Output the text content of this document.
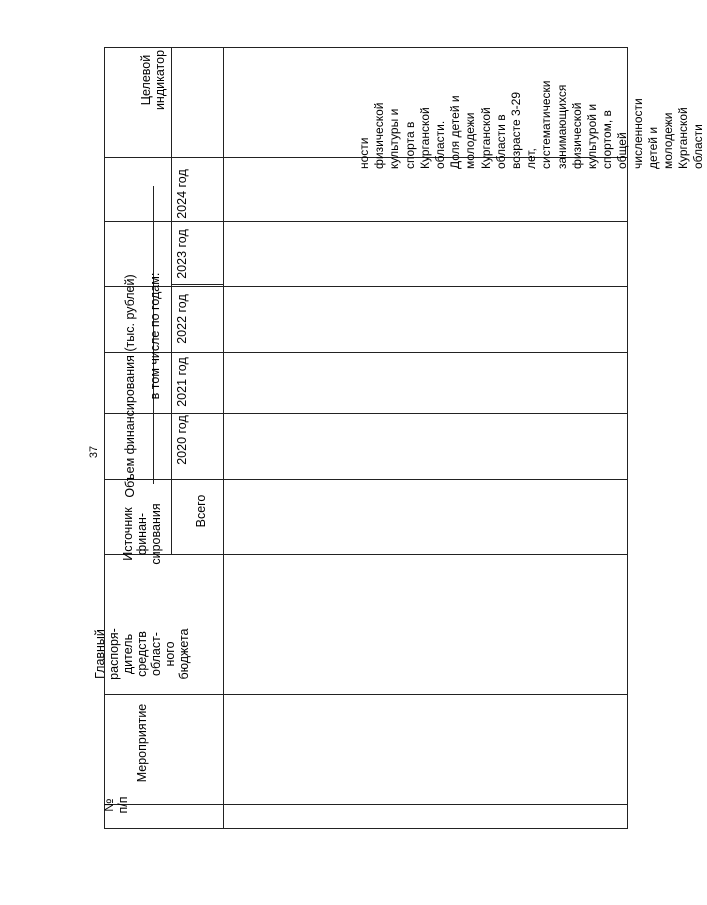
37
№
п/п
Мероприятие
Главный
распоря-
дитель
средств
област-
ного
бюджета
Источник
финан-
сирования
Объем финансирования (тыс. рублей)
Всего
в том числе по годам:
2020 год
2021 год
2022 год
2023 год
2024 год
Целевой
индикатор
ности
физической
культуры и
спорта в
Курганской
области.
Доля детей и
молодежи
Курганской
области в
возрасте 3-29
лет,
систематически
занимающихся
физической
культурой и
спортом, в
общей
численности
детей и
молодежи
Курганской
области
